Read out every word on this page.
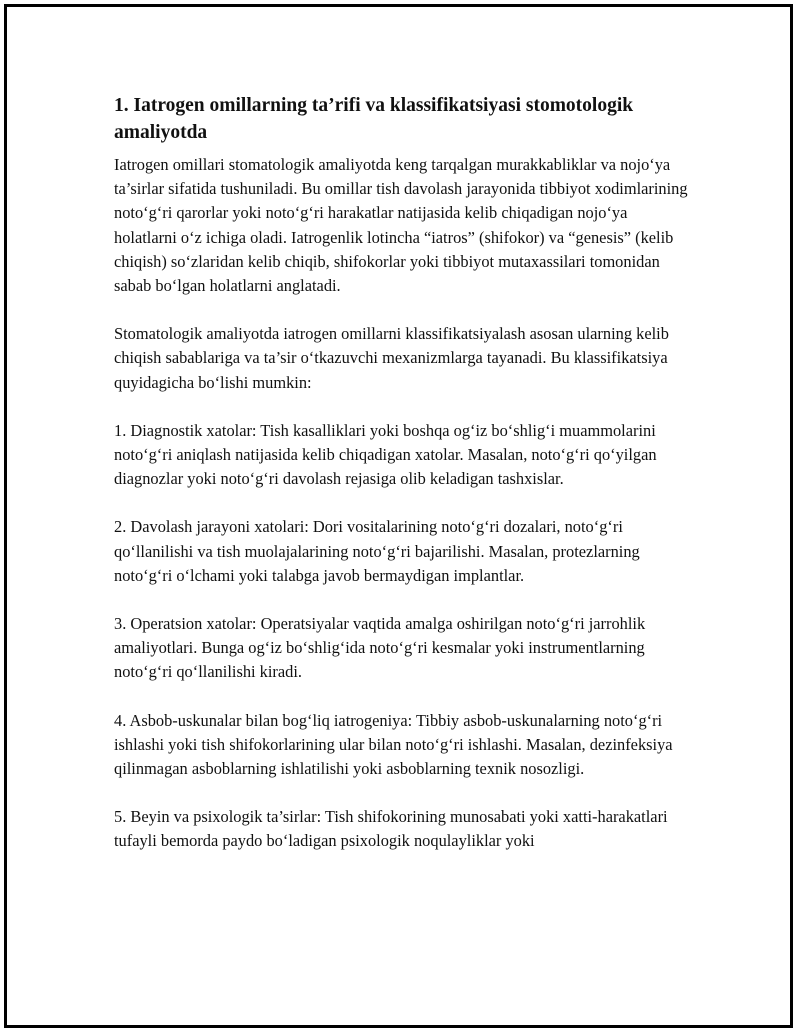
1. Iatrogen omillarning ta’rifi va klassifikatsiyasi stomotologik amaliyotda

Iatrogen omillari stomatologik amaliyotda keng tarqalgan murakkabliklar va nojo‘ya ta’sirlar sifatida tushuniladi. Bu omillar tish davolash jarayonida tibbiyot xodimlarining noto‘g‘ri qarorlar yoki noto‘g‘ri harakatlar natijasida kelib chiqadigan nojo‘ya holatlarni o‘z ichiga oladi. Iatrogenlik lotincha “iatros” (shifokor) va “genesis” (kelib chiqish) so‘zlaridan kelib chiqib, shifokorlar yoki tibbiyot mutaxassilari tomonidan sabab bo‘lgan holatlarni anglatadi.

Stomatologik amaliyotda iatrogen omillarni klassifikatsiyalash asosan ularning kelib chiqish sabablariga va ta’sir o‘tkazuvchi mexanizmlarga tayanadi. Bu klassifikatsiya quyidagicha bo‘lishi mumkin:

1. Diagnostik xatolar: Tish kasalliklari yoki boshqa og‘iz bo‘shlig‘i muammolarini noto‘g‘ri aniqlash natijasida kelib chiqadigan xatolar. Masalan, noto‘g‘ri qo‘yilgan diagnozlar yoki noto‘g‘ri davolash rejasiga olib keladigan tashxislar.

2. Davolash jarayoni xatolari: Dori vositalarining noto‘g‘ri dozalari, noto‘g‘ri qo‘llanilishi va tish muolajalarining noto‘g‘ri bajarilishi. Masalan, protezlarning noto‘g‘ri o‘lchami yoki talabga javob bermaydigan implantlar.

3. Operatsion xatolar: Operatsiyalar vaqtida amalga oshirilgan noto‘g‘ri jarrohlik amaliyotlari. Bunga og‘iz bo‘shlig‘ida noto‘g‘ri kesmalar yoki instrumentlarning noto‘g‘ri qo‘llanilishi kiradi.

4. Asbob-uskunalar bilan bog‘liq iatrogeniya: Tibbiy asbob-uskunalarning noto‘g‘ri ishlashi yoki tish shifokorlarining ular bilan noto‘g‘ri ishlashi. Masalan, dezinfeksiya qilinmagan asboblarning ishlatilishi yoki asboblarning texnik nosozligi.

5. Beyin va psixologik ta’sirlar: Tish shifokorining munosabati yoki xatti-harakatlari tufayli bemorda paydo bo‘ladigan psixologik noqulayliklar yoki
